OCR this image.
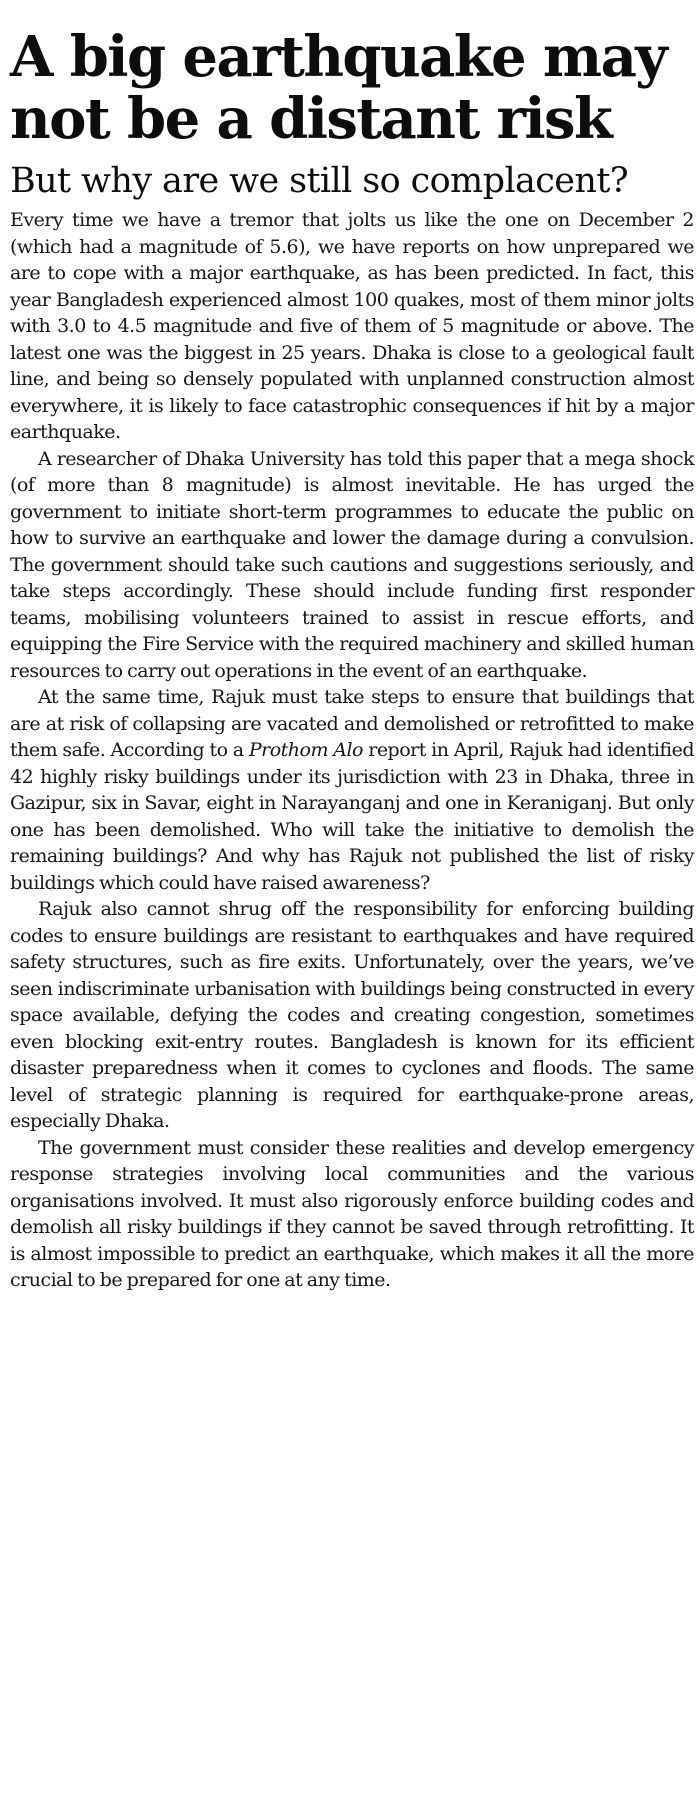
A big earthquake may not be a distant risk
But why are we still so complacent?

Every time we have a tremor that jolts us like the one on December 2 (which had a magnitude of 5.6), we have reports on how unprepared we are to cope with a major earthquake, as has been predicted. In fact, this year Bangladesh experienced almost 100 quakes, most of them minor jolts with 3.0 to 4.5 magnitude and five of them of 5 magnitude or above. The latest one was the biggest in 25 years. Dhaka is close to a geological fault line, and being so densely populated with unplanned construction almost everywhere, it is likely to face catastrophic consequences if hit by a major earthquake.

A researcher of Dhaka University has told this paper that a mega shock (of more than 8 magnitude) is almost inevitable. He has urged the government to initiate short-term programmes to educate the public on how to survive an earthquake and lower the damage during a convulsion. The government should take such cautions and suggestions seriously, and take steps accordingly. These should include funding first responder teams, mobilising volunteers trained to assist in rescue efforts, and equipping the Fire Service with the required machinery and skilled human resources to carry out operations in the event of an earthquake.

At the same time, Rajuk must take steps to ensure that buildings that are at risk of collapsing are vacated and demolished or retrofitted to make them safe. According to a Prothom Alo report in April, Rajuk had identified 42 highly risky buildings under its jurisdiction with 23 in Dhaka, three in Gazipur, six in Savar, eight in Narayanganj and one in Keraniganj. But only one has been demolished. Who will take the initiative to demolish the remaining buildings? And why has Rajuk not published the list of risky buildings which could have raised awareness?

Rajuk also cannot shrug off the responsibility for enforcing building codes to ensure buildings are resistant to earthquakes and have required safety structures, such as fire exits. Unfortunately, over the years, we’ve seen indiscriminate urbanisation with buildings being constructed in every space available, defying the codes and creating congestion, sometimes even blocking exit-entry routes. Bangladesh is known for its efficient disaster preparedness when it comes to cyclones and floods. The same level of strategic planning is required for earthquake-prone areas, especially Dhaka.

The government must consider these realities and develop emergency response strategies involving local communities and the various organisations involved. It must also rigorously enforce building codes and demolish all risky buildings if they cannot be saved through retrofitting. It is almost impossible to predict an earthquake, which makes it all the more crucial to be prepared for one at any time.
